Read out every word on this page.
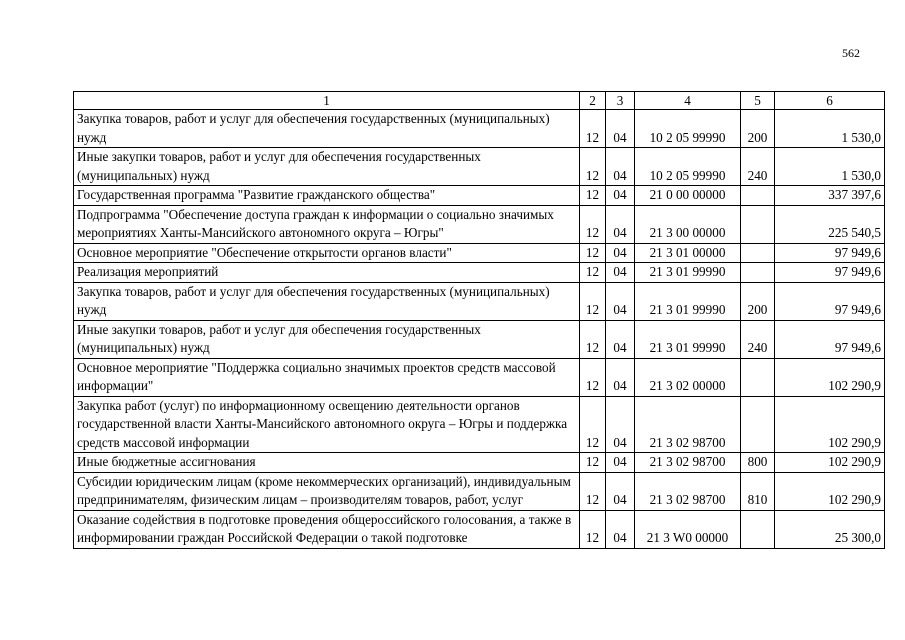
562
1	2	3	4	5	6
Закупка товаров, работ и услуг для обеспечения государственных (муниципальных) нужд	12	04	10 2 05 99990	200	1 530,0
Иные закупки товаров, работ и услуг для обеспечения государственных (муниципальных) нужд	12	04	10 2 05 99990	240	1 530,0
Государственная программа "Развитие гражданского общества"	12	04	21 0 00 00000		337 397,6
Подпрограмма "Обеспечение доступа граждан к информации о социально значимых мероприятиях Ханты-Мансийского автономного округа – Югры"	12	04	21 3 00 00000		225 540,5
Основное мероприятие "Обеспечение открытости органов власти"	12	04	21 3 01 00000		97 949,6
Реализация мероприятий	12	04	21 3 01 99990		97 949,6
Закупка товаров, работ и услуг для обеспечения государственных (муниципальных) нужд	12	04	21 3 01 99990	200	97 949,6
Иные закупки товаров, работ и услуг для обеспечения государственных (муниципальных) нужд	12	04	21 3 01 99990	240	97 949,6
Основное мероприятие "Поддержка социально значимых проектов средств массовой информации"	12	04	21 3 02 00000		102 290,9
Закупка работ (услуг) по информационному освещению деятельности органов государственной власти Ханты-Мансийского автономного округа – Югры и поддержка средств массовой информации	12	04	21 3 02 98700		102 290,9
Иные бюджетные ассигнования	12	04	21 3 02 98700	800	102 290,9
Субсидии юридическим лицам (кроме некоммерческих организаций), индивидуальным предпринимателям, физическим лицам – производителям товаров, работ, услуг	12	04	21 3 02 98700	810	102 290,9
Оказание содействия в подготовке проведения общероссийского голосования, а также в информировании граждан Российской Федерации о такой подготовке	12	04	21 3 W0 00000		25 300,0
